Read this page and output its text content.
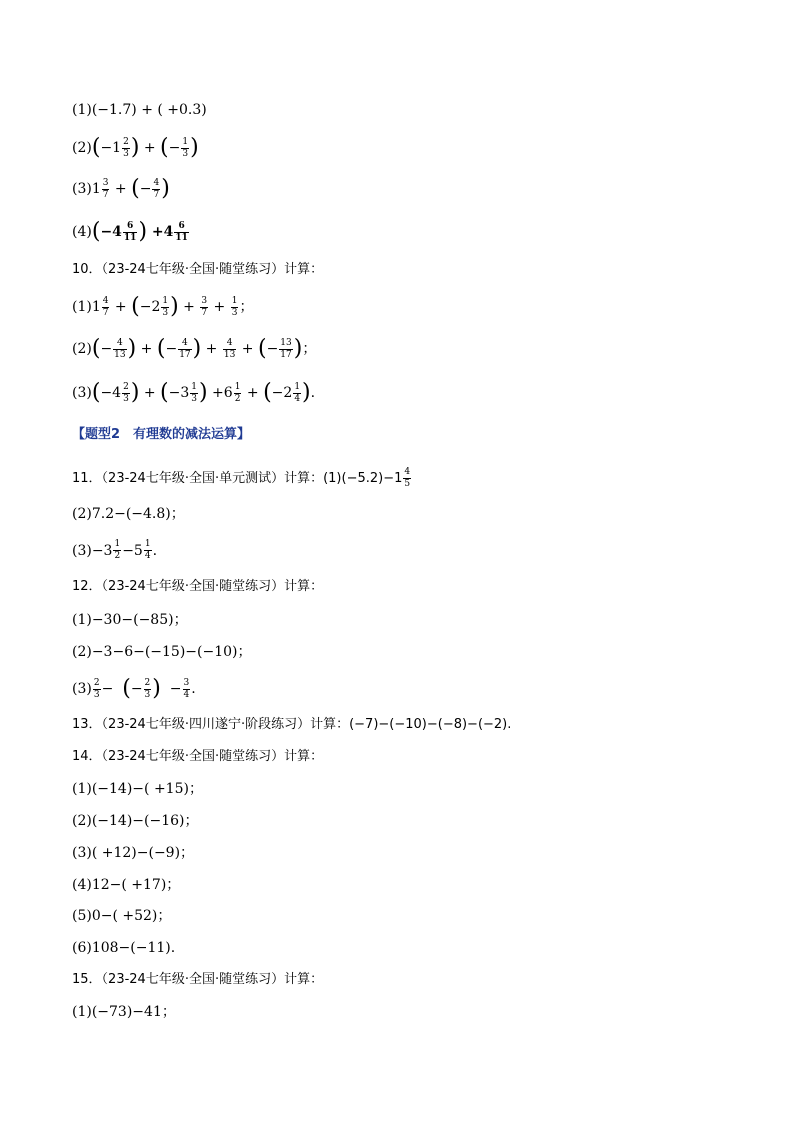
(1)(−1.7) + ( +0.3)
(2) ( $-1 \frac{2}{3}$ ) + ( − $\frac{1}{3}$ )
$(3)1 \frac{3}{7}$ + ( − $\frac{4}{7}$ )
(4) ( $-4 \frac{6}{11}$ ) $+4 \frac{6}{11}$
10．（23-24七年级·全国·随堂练习）计算：
$(1)1 \frac{4}{7}$ + ( $-2 \frac{1}{3}$ ) + $\frac{3}{7} + \frac{1}{3}$ ；
(2) ( − $\frac{4}{13}$ ) + ( − $\frac{4}{17}$ ) + $\frac{4}{13}$ + ( − $\frac{13}{17}$ ) ；
(3) ( $-4 \frac{2}{3}$ ) + ( $-3 \frac{1}{3}$ ) $+6 \frac{1}{2}$ + ( $-2 \frac{1}{4}$ ) .
【题型2　有理数的减法运算】
11．（23-24七年级·全国·单元测试）计算：$(1)(-5.2)-1 \frac{4}{5}$
(2)7.2−(−4.8)；
$(3)-3 \frac{1}{2} -5 \frac{1}{4}$ .
12．（23-24七年级·全国·随堂练习）计算：
(1)−30−(−85)；
(2)−3−6−(−15)−(−10)；
$(3) \frac{2}{3}$ − ( − $\frac{2}{3}$ ) − $\frac{3}{4}$ .
13．（23-24七年级·四川遂宁·阶段练习）计算：(−7)−(−10)−(−8)−(−2).
14．（23-24七年级·全国·随堂练习）计算：
(1)(−14)−( +15)；
(2)(−14)−(−16)；
(3)( +12)−(−9)；
(4)12−( +17)；
(5)0−( +52)；
(6)108−(−11).
15．（23-24七年级·全国·随堂练习）计算：
(1)(−73)−41；
